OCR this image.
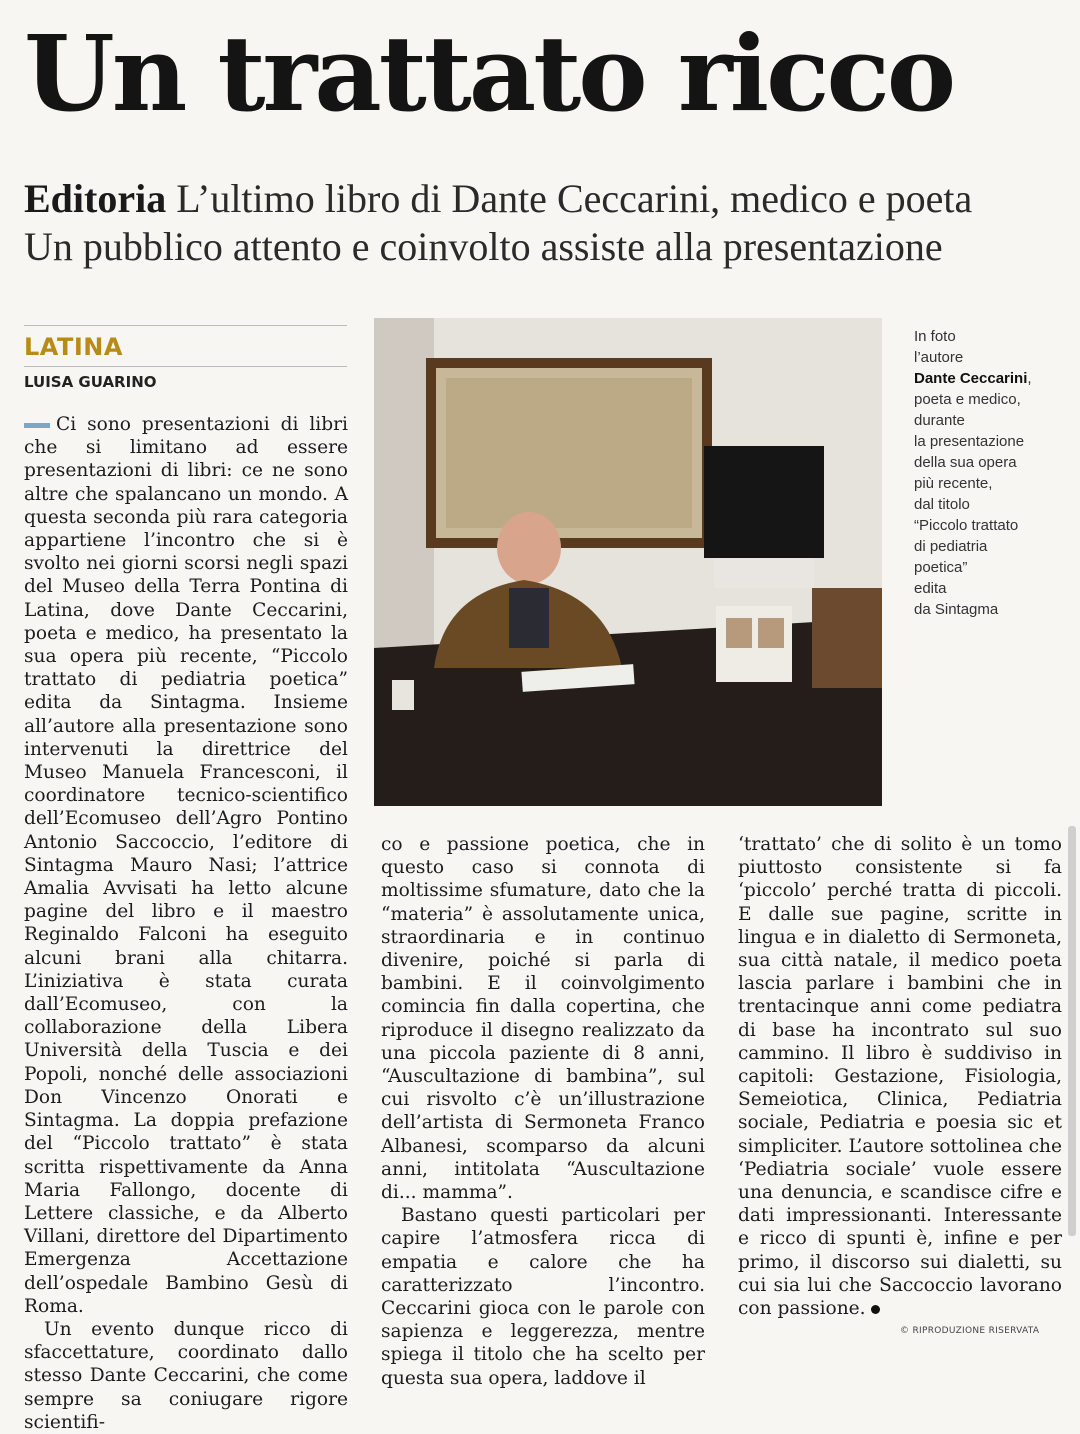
Un trattato ricco
Editoria L’ultimo libro di Dante Ceccarini, medico e poeta
Un pubblico attento e coinvolto assiste alla presentazione
LATINA
LUISA GUARINO

Ci sono presentazioni di libri che si limitano ad essere presentazioni di libri: ce ne sono altre che spalancano un mondo. A questa seconda più rara categoria appartiene l’incontro che si è svolto nei giorni scorsi negli spazi del Museo della Terra Pontina di Latina, dove Dante Ceccarini, poeta e medico, ha presentato la sua opera più recente, “Piccolo trattato di pediatria poetica” edita da Sintagma. Insieme all’autore alla presentazione sono intervenuti la direttrice del Museo Manuela Francesconi, il coordinatore tecnico-scientifico dell’Ecomuseo dell’Agro Pontino Antonio Saccoccio, l’editore di Sintagma Mauro Nasi; l’attrice Amalia Avvisati ha letto alcune pagine del libro e il maestro Reginaldo Falconi ha eseguito alcuni brani alla chitarra. L’iniziativa è stata curata dall’Ecomuseo, con la collaborazione della Libera Università della Tuscia e dei Popoli, nonché delle associazioni Don Vincenzo Onorati e Sintagma. La doppia prefazione del “Piccolo trattato” è stata scritta rispettivamente da Anna Maria Fallongo, docente di Lettere classiche, e da Alberto Villani, direttore del Dipartimento Emergenza Accettazione dell’ospedale Bambino Gesù di Roma.

Un evento dunque ricco di sfaccettature, coordinato dallo stesso Dante Ceccarini, che come sempre sa coniugare rigore scientifi-

In foto
l’autore
Dante Ceccarini,
poeta e medico,
durante
la presentazione
della sua opera
più recente,
dal titolo
“Piccolo trattato
di pediatria
poetica”
edita
da Sintagma

co e passione poetica, che in questo caso si connota di moltissime sfumature, dato che la “materia” è assolutamente unica, straordinaria e in continuo divenire, poiché si parla di bambini. E il coinvolgimento comincia fin dalla copertina, che riproduce il disegno realizzato da una piccola paziente di 8 anni, “Auscultazione di bambina”, sul cui risvolto c’è un’illustrazione dell’artista di Sermoneta Franco Albanesi, scomparso da alcuni anni, intitolata “Auscultazione di... mamma”.

Bastano questi particolari per capire l’atmosfera ricca di empatia e calore che ha caratterizzato l’incontro. Ceccarini gioca con le parole con sapienza e leggerezza, mentre spiega il titolo che ha scelto per questa sua opera, laddove il

‘trattato’ che di solito è un tomo piuttosto consistente si fa ‘piccolo’ perché tratta di piccoli. E dalle sue pagine, scritte in lingua e in dialetto di Sermoneta, sua città natale, il medico poeta lascia parlare i bambini che in trentacinque anni come pediatra di base ha incontrato sul suo cammino. Il libro è suddiviso in capitoli: Gestazione, Fisiologia, Semeiotica, Clinica, Pediatria sociale, Pediatria e poesia sic et simpliciter. L’autore sottolinea che ‘Pediatria sociale’ vuole essere una denuncia, e scandisce cifre e dati impressionanti. Interessante e ricco di spunti è, infine e per primo, il discorso sui dialetti, su cui sia lui che Saccoccio lavorano con passione.

© RIPRODUZIONE RISERVATA
